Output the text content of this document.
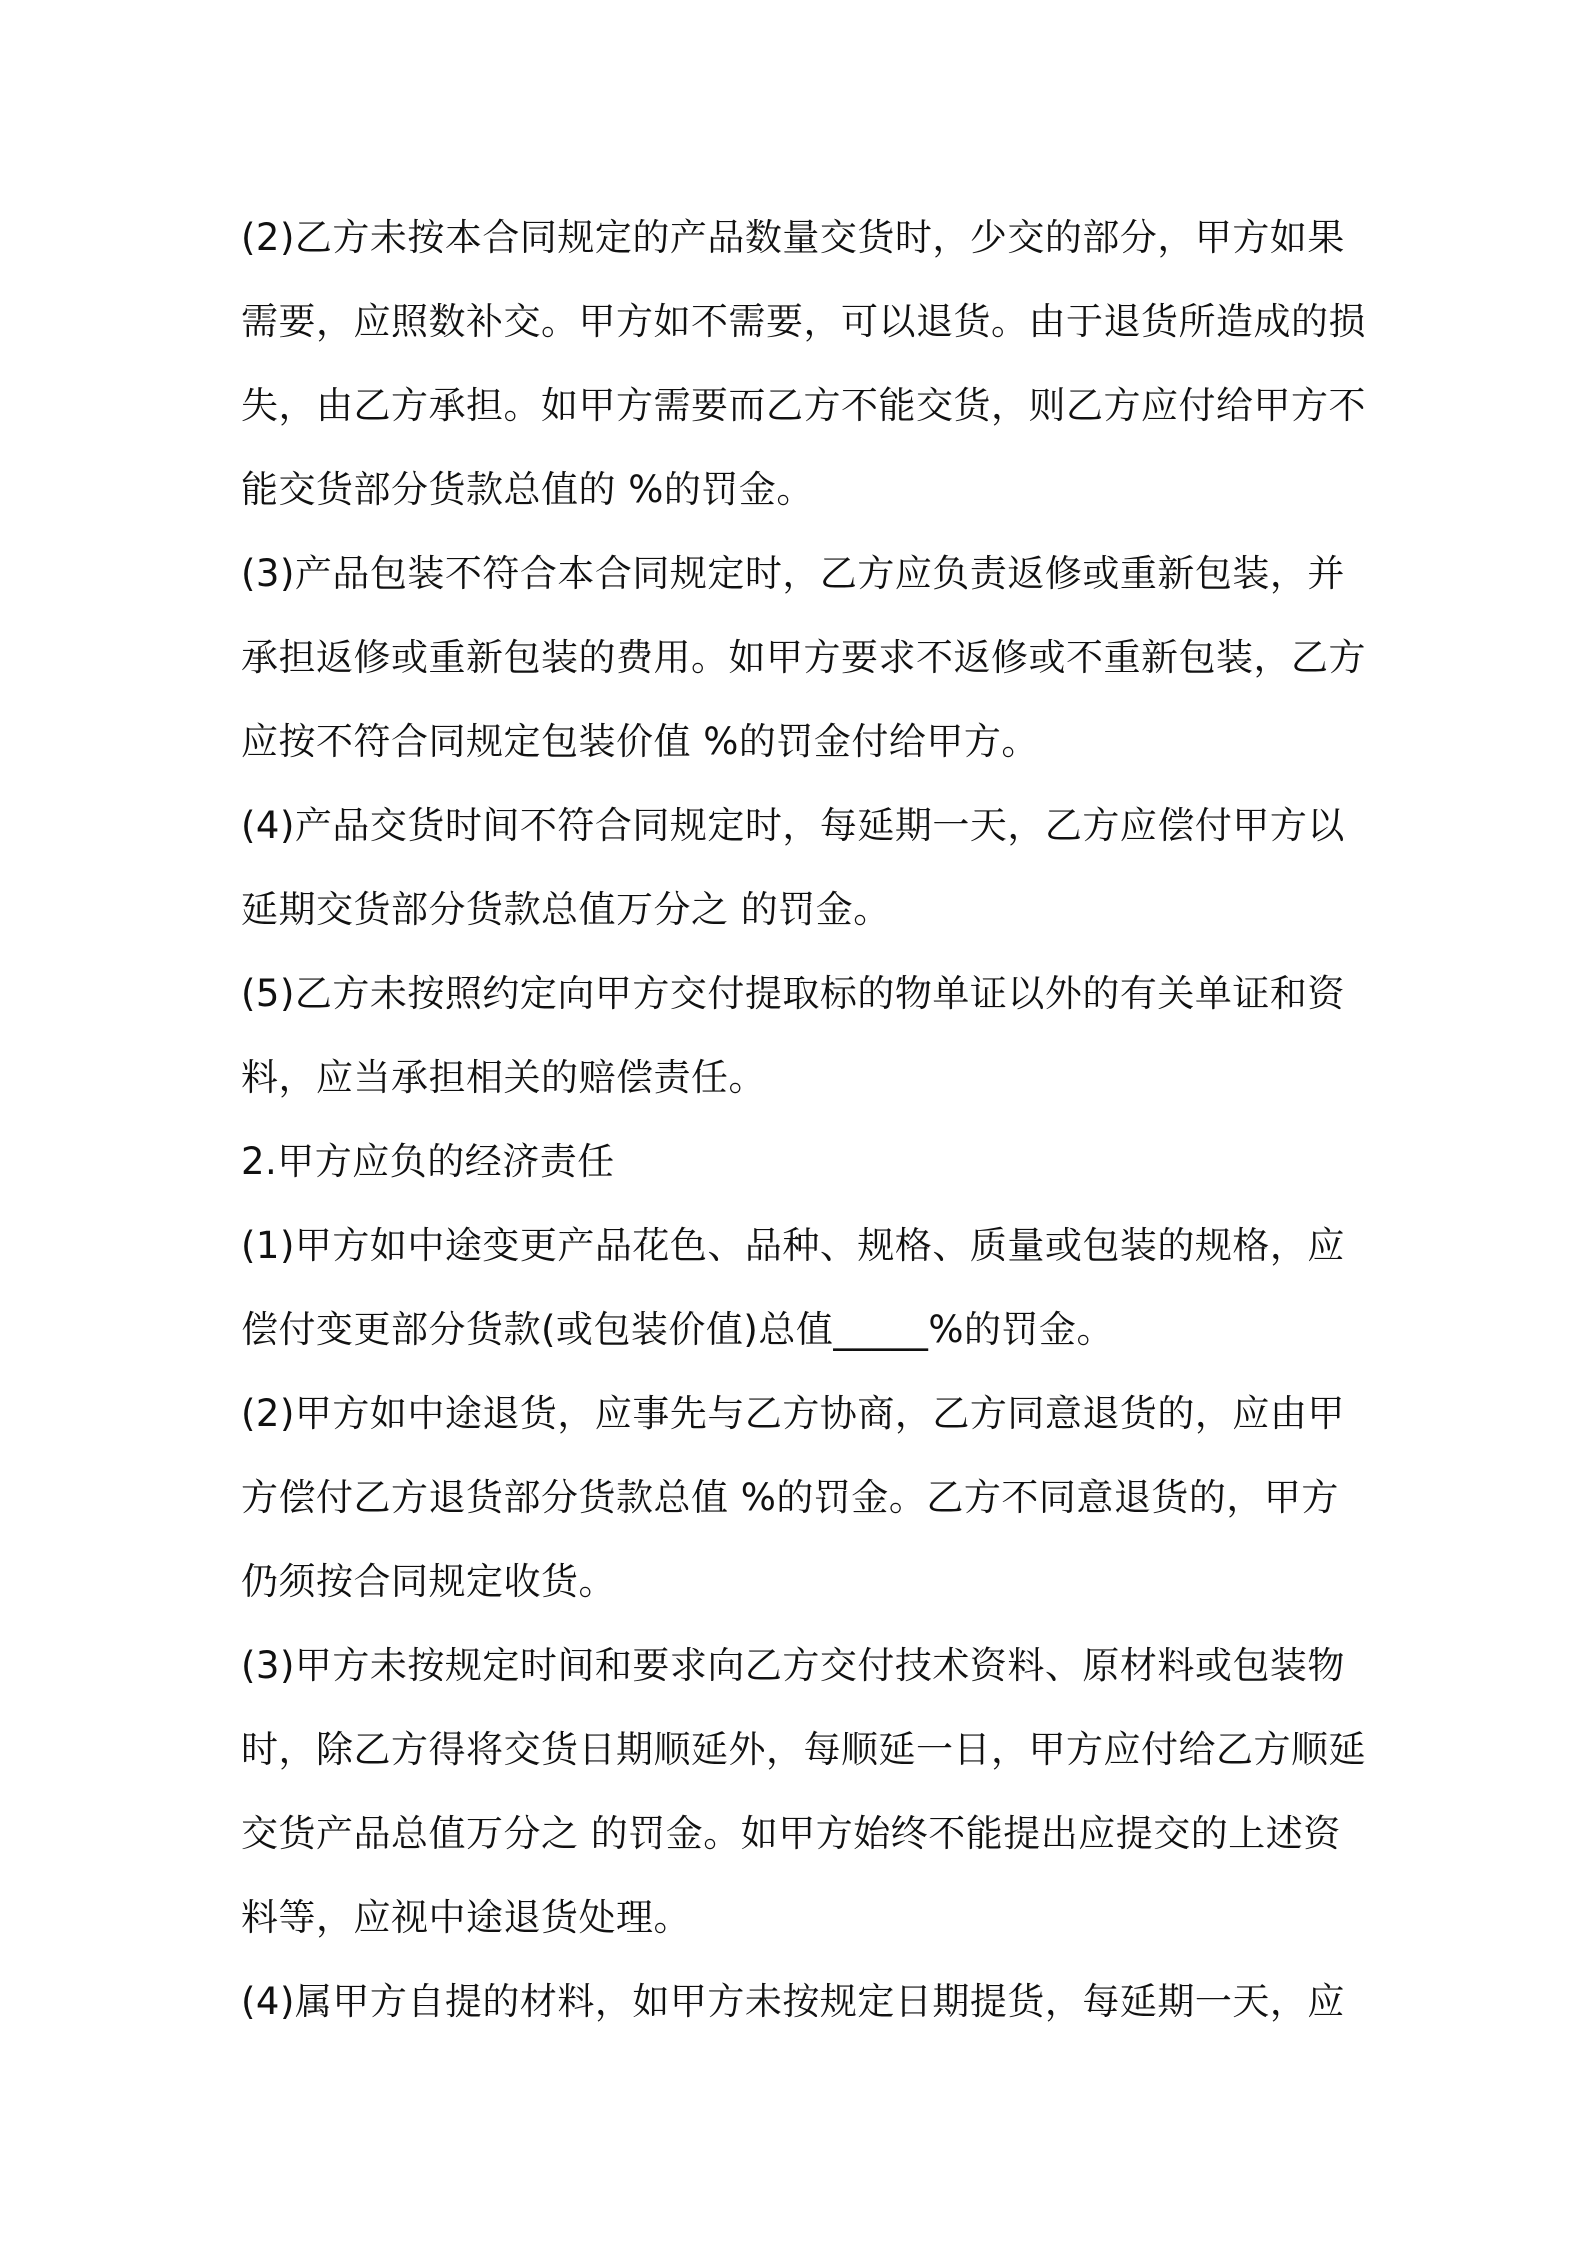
(2)乙方未按本合同规定的产品数量交货时，少交的部分，甲方如果
需要，应照数补交。甲方如不需要，可以退货。由于退货所造成的损
失，由乙方承担。如甲方需要而乙方不能交货，则乙方应付给甲方不
能交货部分货款总值的 %的罚金。
(3)产品包装不符合本合同规定时，乙方应负责返修或重新包装，并
承担返修或重新包装的费用。如甲方要求不返修或不重新包装，乙方
应按不符合同规定包装价值 %的罚金付给甲方。
(4)产品交货时间不符合同规定时，每延期一天，乙方应偿付甲方以
延期交货部分货款总值万分之 的罚金。
(5)乙方未按照约定向甲方交付提取标的物单证以外的有关单证和资
料，应当承担相关的赔偿责任。
2.甲方应负的经济责任
(1)甲方如中途变更产品花色、品种、规格、质量或包装的规格，应
偿付变更部分货款(或包装价值)总值_____%的罚金。
(2)甲方如中途退货，应事先与乙方协商，乙方同意退货的，应由甲
方偿付乙方退货部分货款总值 %的罚金。乙方不同意退货的，甲方
仍须按合同规定收货。
(3)甲方未按规定时间和要求向乙方交付技术资料、原材料或包装物
时，除乙方得将交货日期顺延外，每顺延一日，甲方应付给乙方顺延
交货产品总值万分之 的罚金。如甲方始终不能提出应提交的上述资
料等，应视中途退货处理。
(4)属甲方自提的材料，如甲方未按规定日期提货，每延期一天，应
